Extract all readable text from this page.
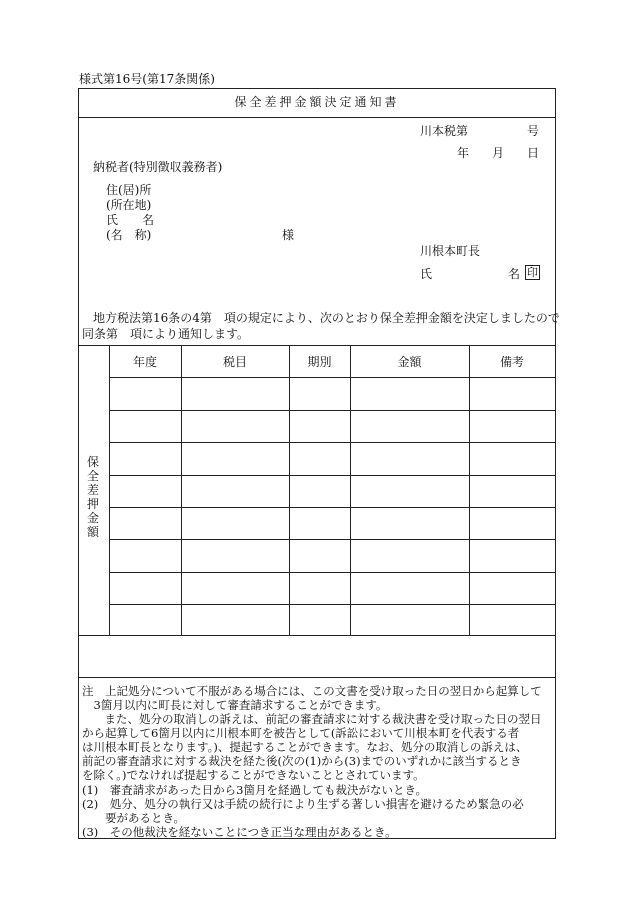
様式第16号(第17条関係)
保全差押金額決定通知書
川本税第	号
年 月 日
納税者(特別徴収義務者)
住(居)所
(所在地)
氏　　名
(名　称)	様
川根本町長
氏	名 印
地方税法第16条の4第　項の規定により、次のとおり保全差押金額を決定しましたので
同条第　項により通知します。
保全差押金額
年度	税目	期別	金額	備考
注　上記処分について不服がある場合には、この文書を受け取った日の翌日から起算して
　3箇月以内に町長に対して審査請求することができます。
　また、処分の取消しの訴えは、前記の審査請求に対する裁決書を受け取った日の翌日
から起算して6箇月以内に川根本町を被告として(訴訟において川根本町を代表する者
は川根本町長となります。)、提起することができます。なお、処分の取消しの訴えは、
前記の審査請求に対する裁決を経た後(次の(1)から(3)までのいずれかに該当するとき
を除く。)でなければ提起することができないこととされています。
(1)　審査請求があった日から3箇月を経過しても裁決がないとき。
(2)　処分、処分の執行又は手続の続行により生ずる著しい損害を避けるため緊急の必
　　要があるとき。
(3)　その他裁決を経ないことにつき正当な理由があるとき。
